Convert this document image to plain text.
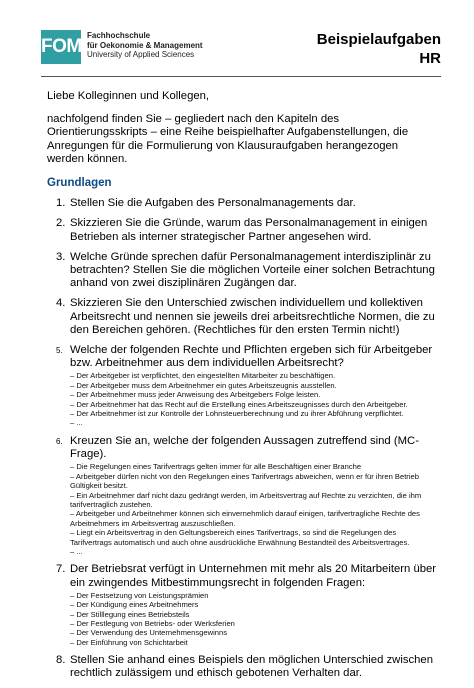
FOM
Fachhochschule
für Oekonomie & Management
University of Applied Sciences
Beispielaufgaben
HR

Liebe Kolleginnen und Kollegen,

nachfolgend finden Sie – gegliedert nach den Kapiteln des Orientierungsskripts – eine Reihe beispielhafter Aufgabenstellungen, die Anregungen für die Formulierung von Klausuraufgaben herangezogen werden können.

Grundlagen
1. Stellen Sie die Aufgaben des Personalmanagements dar.
2. Skizzieren Sie die Gründe, warum das Personalmanagement in einigen Betrieben als interner strategischer Partner angesehen wird.
3. Welche Gründe sprechen dafür Personalmanagement interdisziplinär zu betrachten? Stellen Sie die möglichen Vorteile einer solchen Betrachtung anhand von zwei disziplinären Zugängen dar.
4. Skizzieren Sie den Unterschied zwischen individuellem und kollektiven Arbeitsrecht und nennen sie jeweils drei arbeitsrechtliche Normen, die zu den Bereichen gehören. (Rechtliches für den ersten Termin nicht!)
5. Welche der folgenden Rechte und Pflichten ergeben sich für Arbeitgeber bzw. Arbeitnehmer aus dem individuellen Arbeitsrecht?
– Der Arbeitgeber ist verpflichtet, den eingestellten Mitarbeiter zu beschäftigen.
– Der Arbeitgeber muss dem Arbeitnehmer ein gutes Arbeitszeugnis ausstellen.
– Der Arbeitnehmer muss jeder Anweisung des Arbeitgebers Folge leisten.
– Der Arbeitnehmer hat das Recht auf die Erstellung eines Arbeitszeugnisses durch den Arbeitgeber.
– Der Arbeitnehmer ist zur Kontrolle der Lohnsteuerberechnung und zu ihrer Abführung verpflichtet.
– ...
6. Kreuzen Sie an, welche der folgenden Aussagen zutreffend sind (MC-Frage).
– Die Regelungen eines Tarifvertrags gelten immer für alle Beschäftigen einer Branche
– Arbeitgeber dürfen nicht von den Regelungen eines Tarifvertrags abweichen, wenn er für ihren Betrieb Gültigkeit besitzt.
– Ein Arbeitnehmer darf nicht dazu gedrängt werden, im Arbeitsvertrag auf Rechte zu verzichten, die ihm tarifvertraglich zustehen.
– Arbeitgeber und Arbeitnehmer können sich einvernehmlich darauf einigen, tarifvertragliche Rechte des Arbeitnehmers im Arbeitsvertrag auszuschließen.
– Liegt ein Arbeitsvertrag in den Geltungsbereich eines Tarifvertrags, so sind die Regelungen des Tarifvertrags automatisch und auch ohne ausdrückliche Erwähnung Bestandteil des Arbeitsvertrages.
– ...
7. Der Betriebsrat verfügt in Unternehmen mit mehr als 20 Mitarbeitern über ein zwingendes Mitbestimmungsrecht in folgenden Fragen:
– Der Festsetzung von Leistungsprämien
– Der Kündigung eines Arbeitnehmers
– Der Stilllegung eines Betriebsteils
– Der Festlegung von Betriebs- oder Werksferien
– Der Verwendung des Unternehmensgewinns
– Der Einführung von Schichtarbeit
8. Stellen Sie anhand eines Beispiels den möglichen Unterschied zwischen rechtlich zulässigem und ethisch gebotenen Verhalten dar.
